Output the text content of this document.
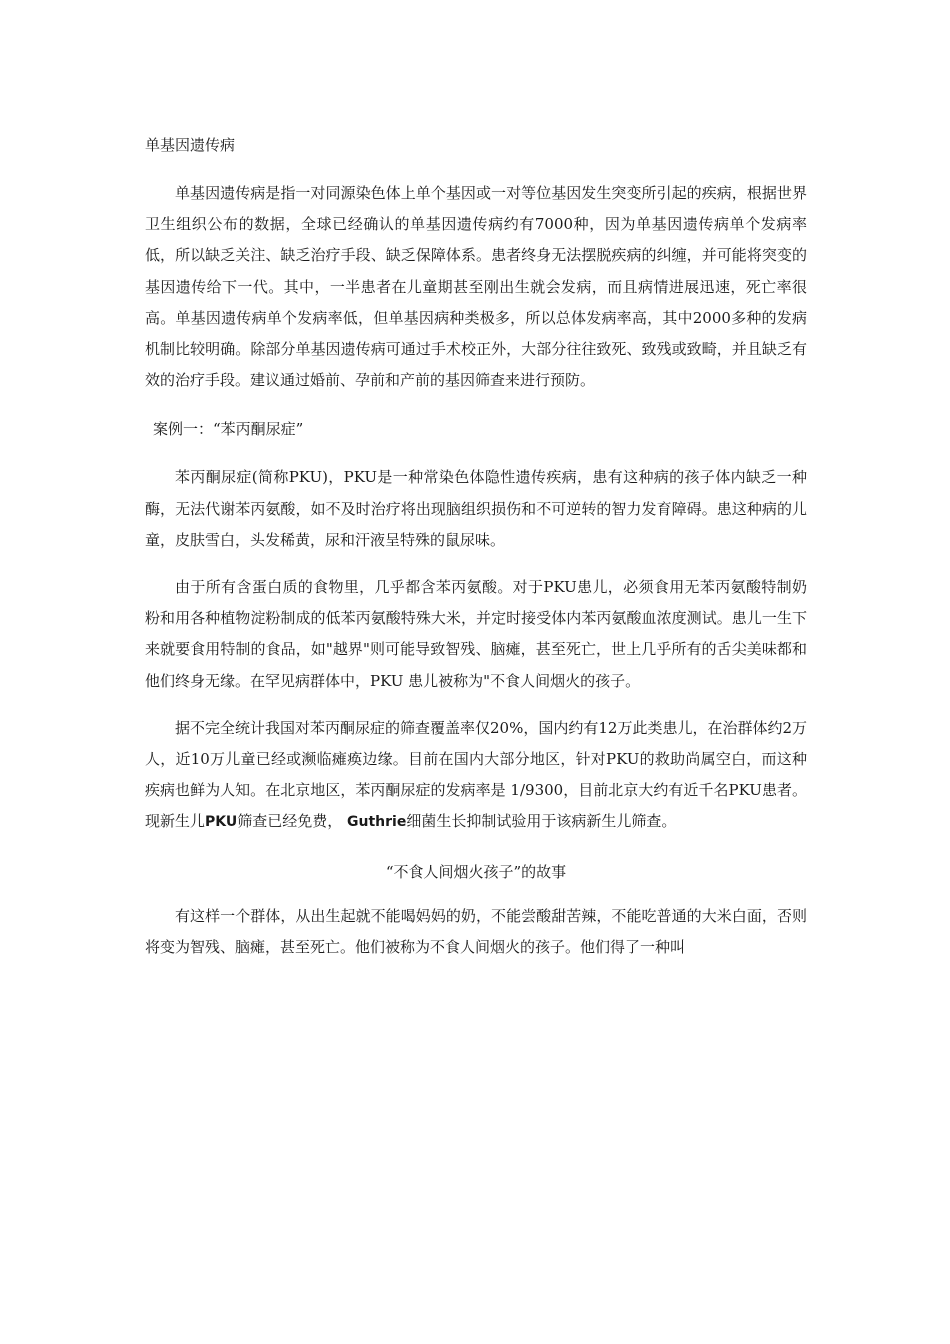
单基因遗传病

单基因遗传病是指一对同源染色体上单个基因或一对等位基因发生突变所引起的疾病，根据世界卫生组织公布的数据，全球已经确认的单基因遗传病约有7000种，因为单基因遗传病单个发病率低，所以缺乏关注、缺乏治疗手段、缺乏保障体系。患者终身无法摆脱疾病的纠缠，并可能将突变的基因遗传给下一代。其中，一半患者在儿童期甚至刚出生就会发病，而且病情进展迅速，死亡率很高。单基因遗传病单个发病率低，但单基因病种类极多，所以总体发病率高，其中2000多种的发病机制比较明确。除部分单基因遗传病可通过手术校正外，大部分往往致死、致残或致畸，并且缺乏有效的治疗手段。建议通过婚前、孕前和产前的基因筛查来进行预防。

案例一：“苯丙酮尿症”

苯丙酮尿症(简称PKU)，PKU是一种常染色体隐性遗传疾病，患有这种病的孩子体内缺乏一种酶，无法代谢苯丙氨酸，如不及时治疗将出现脑组织损伤和不可逆转的智力发育障碍。患这种病的儿童，皮肤雪白，头发稀黄，尿和汗液呈特殊的鼠尿味。

由于所有含蛋白质的食物里，几乎都含苯丙氨酸。对于PKU患儿，必须食用无苯丙氨酸特制奶粉和用各种植物淀粉制成的低苯丙氨酸特殊大米，并定时接受体内苯丙氨酸血浓度测试。患儿一生下来就要食用特制的食品，如"越界"则可能导致智残、脑瘫，甚至死亡，世上几乎所有的舌尖美味都和他们终身无缘。在罕见病群体中，PKU 患儿被称为"不食人间烟火的孩子。

据不完全统计我国对苯丙酮尿症的筛查覆盖率仅20%，国内约有12万此类患儿，在治群体约2万人，近10万儿童已经或濒临瘫痪边缘。目前在国内大部分地区，针对PKU的救助尚属空白，而这种疾病也鲜为人知。在北京地区，苯丙酮尿症的发病率是 1/9300，目前北京大约有近千名PKU患者。 现新生儿PKU筛查已经免费， Guthrie细菌生长抑制试验用于该病新生儿筛查。

“不食人间烟火孩子”的故事

有这样一个群体，从出生起就不能喝妈妈的奶，不能尝酸甜苦辣，不能吃普通的大米白面，否则将变为智残、脑瘫，甚至死亡。他们被称为不食人间烟火的孩子。他们得了一种叫
